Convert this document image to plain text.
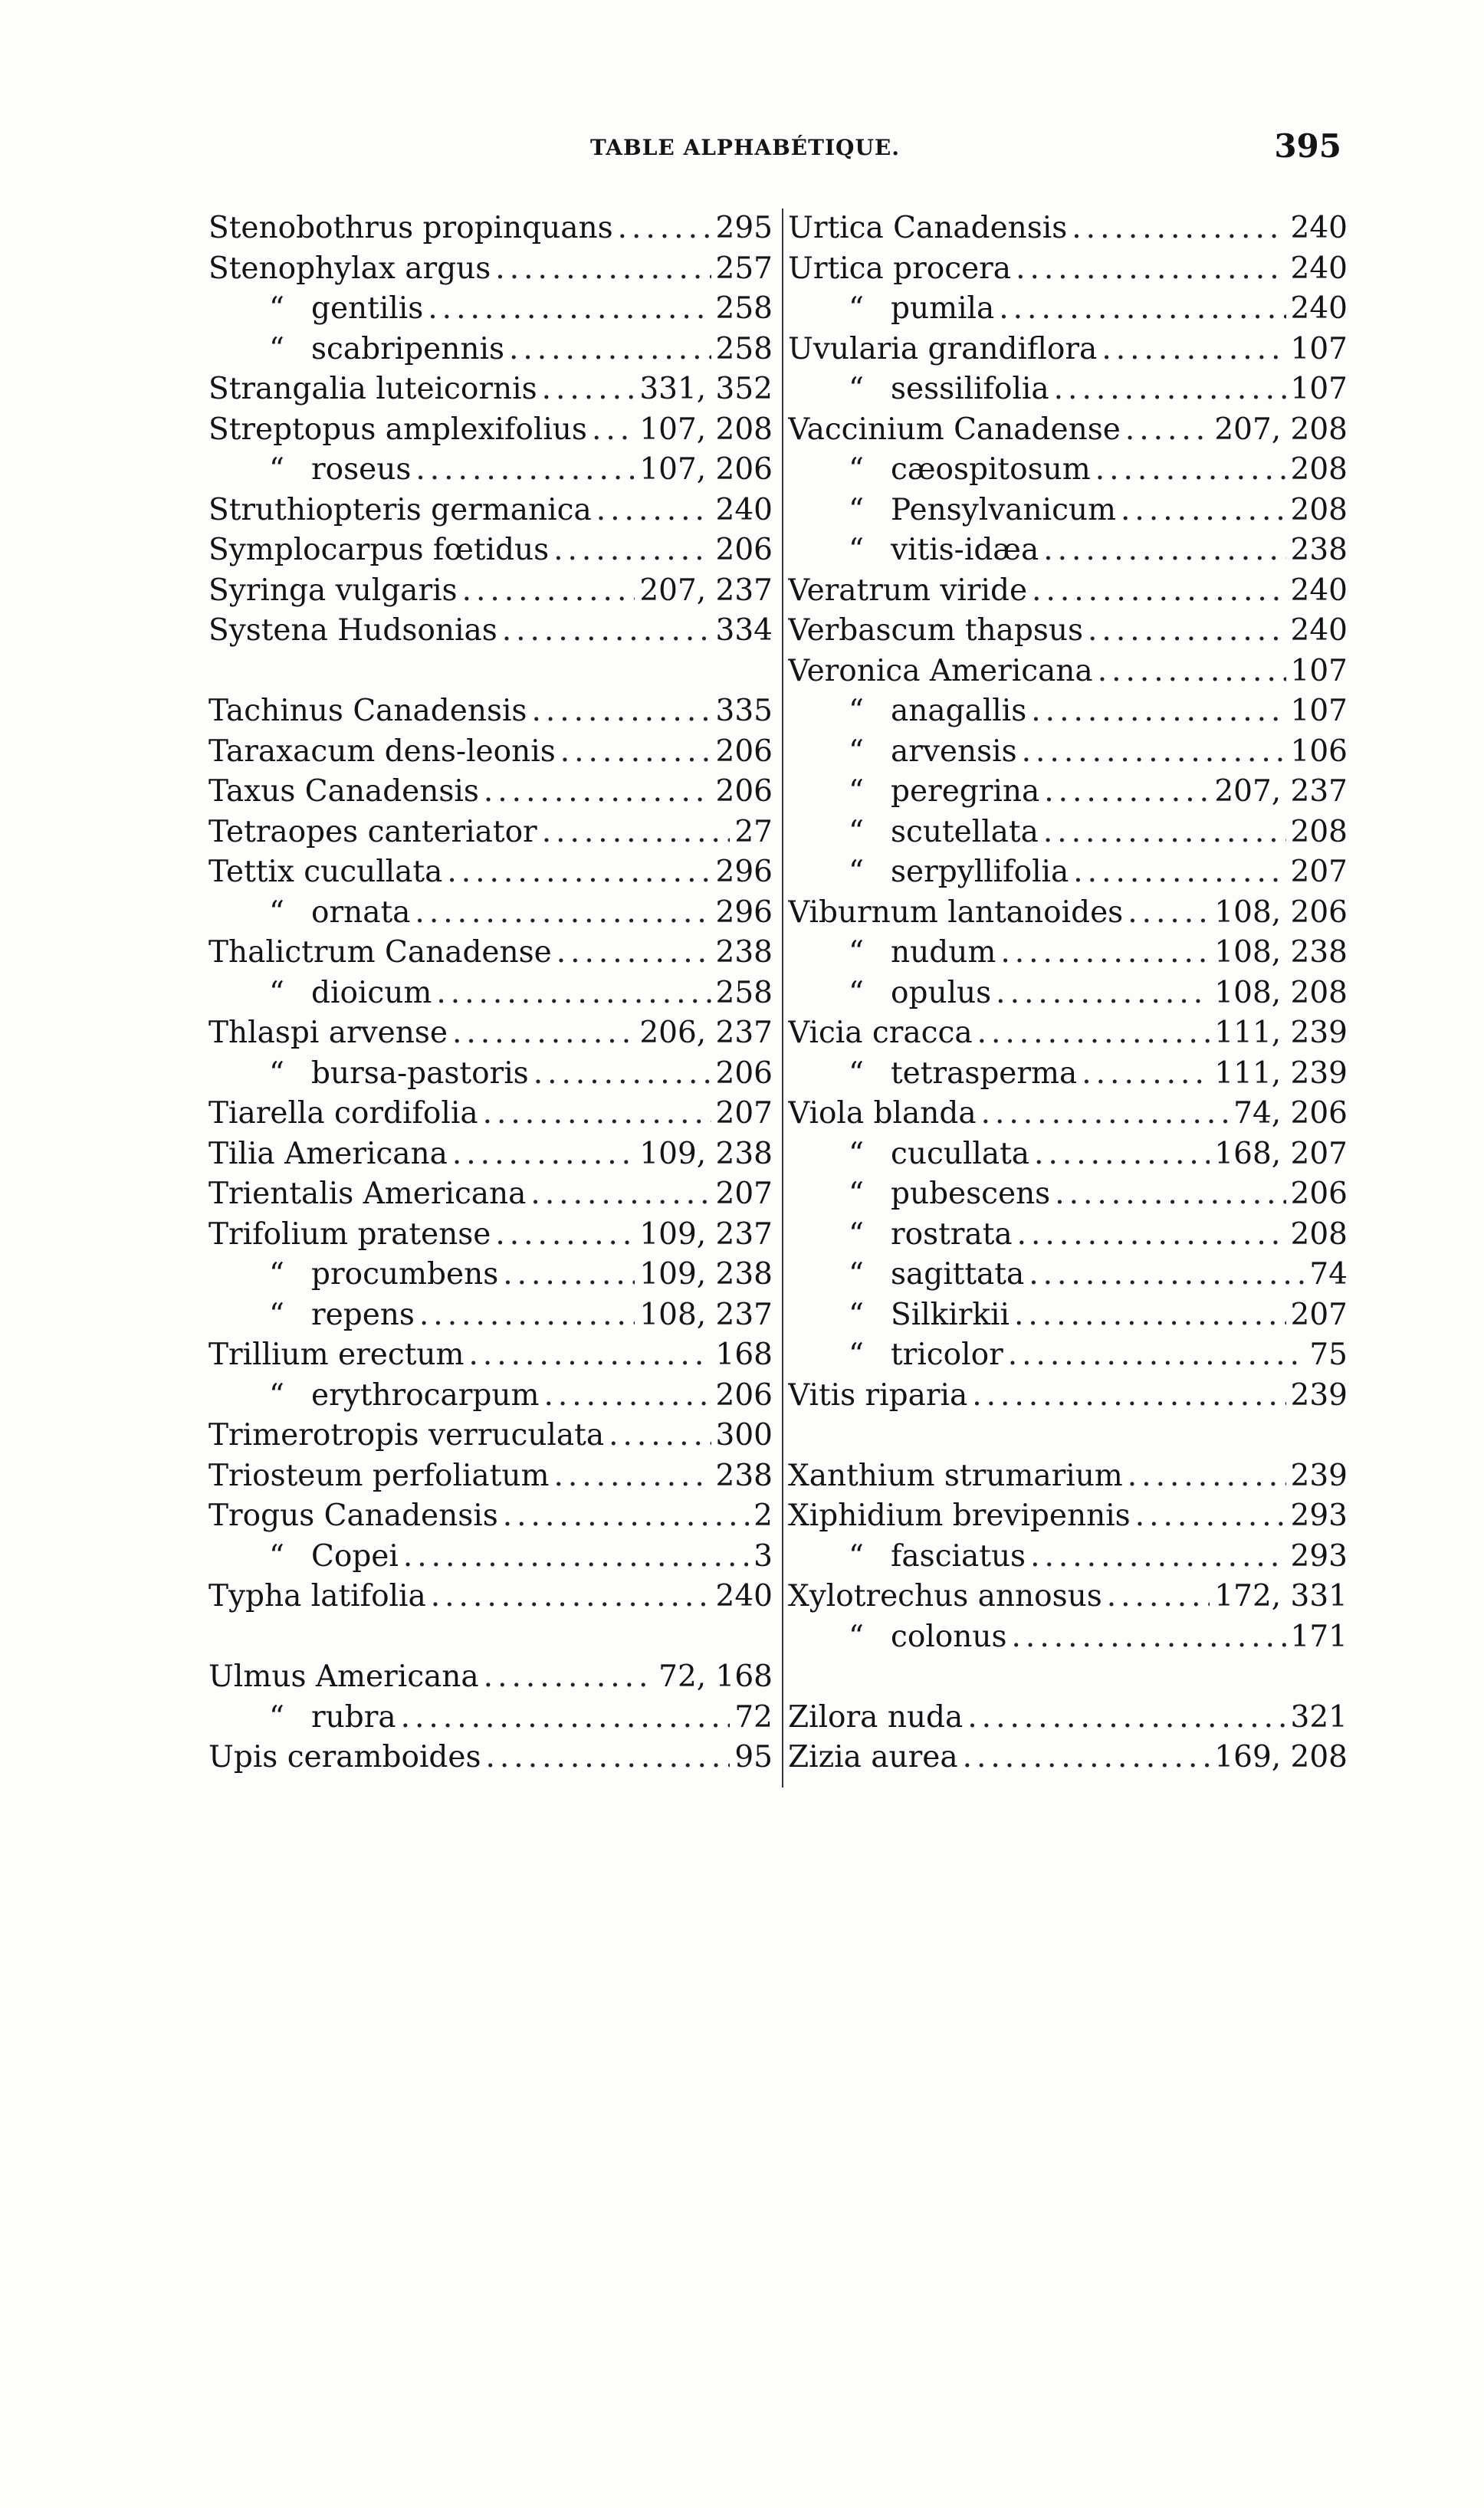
TABLE ALPHABÉTIQUE.	395
Stenobothrus propinquans .....	295
Stenophylax argus .....	257
“ gentilis .....	258
“ scabripennis .....	258
Strangalia luteicornis .....	331, 352
Streptopus amplexifolius ..... 107, 208
“ roseus .....	107, 206
Struthiopteris germanica .....	240
Symplocarpus fœtidus .....	206
Syringa vulgaris .....	207, 237
Systena Hudsonias .....	334
Tachinus Canadensis .....	335
Taraxacum dens-leonis .....	206
Taxus Canadensis .....	206
Tetraopes canteriator .....	27
Tettix cucullata .....	296
“ ornata .....	296
Thalictrum Canadense .....	238
“ dioicum .....	258
Thlaspi arvense .....	206, 237
“ bursa-pastoris .....	206
Tiarella cordifolia .....	207
Tilia Americana .....	109, 238
Trientalis Americana .....	207
Trifolium pratense .....	109, 237
“ procumbens .....	109, 238
“ repens .....	108, 237
Trillium erectum .....	168
“ erythrocarpum .....	206
Trimerotropis verruculata .....	300
Triosteum perfoliatum .....	238
Trogus Canadensis .....	2
“ Copei .....	3
Typha latifolia .....	240
Ulmus Americana .....	72, 168
“ rubra .....	72
Upis ceramboides .....	95
Urtica Canadensis .....	240
Urtica procera .....	240
“ pumila .....	240
Uvularia grandiflora .....	107
“ sessilifolia .....	107
Vaccinium Canadense .....	207, 208
“ cæospitosum .....	208
“ Pensylvanicum .....	208
“ vitis-idæa .....	238
Veratrum viride .....	240
Verbascum thapsus .....	240
Veronica Americana .....	107
“ anagallis .....	107
“ arvensis .....	106
“ peregrina .....	207, 237
“ scutellata .....	208
“ serpyllifolia .....	207
Viburnum lantanoides .....	108, 206
“ nudum .....	108, 238
“ opulus .....	108, 208
Vicia cracca .....	111, 239
“ tetrasperma .....	111, 239
Viola blanda .....	74, 206
“ cucullata .....	168, 207
“ pubescens .....	206
“ rostrata .....	208
“ sagittata .....	74
“ Silkirkii .....	207
“ tricolor .....	75
Vitis riparia .....	239
Xanthium strumarium .....	239
Xiphidium brevipennis .....	293
“ fasciatus .....	293
Xylotrechus annosus .....	172, 331
“ colonus .....	171
Zilora nuda .....	321
Zizia aurea .....	169, 208
